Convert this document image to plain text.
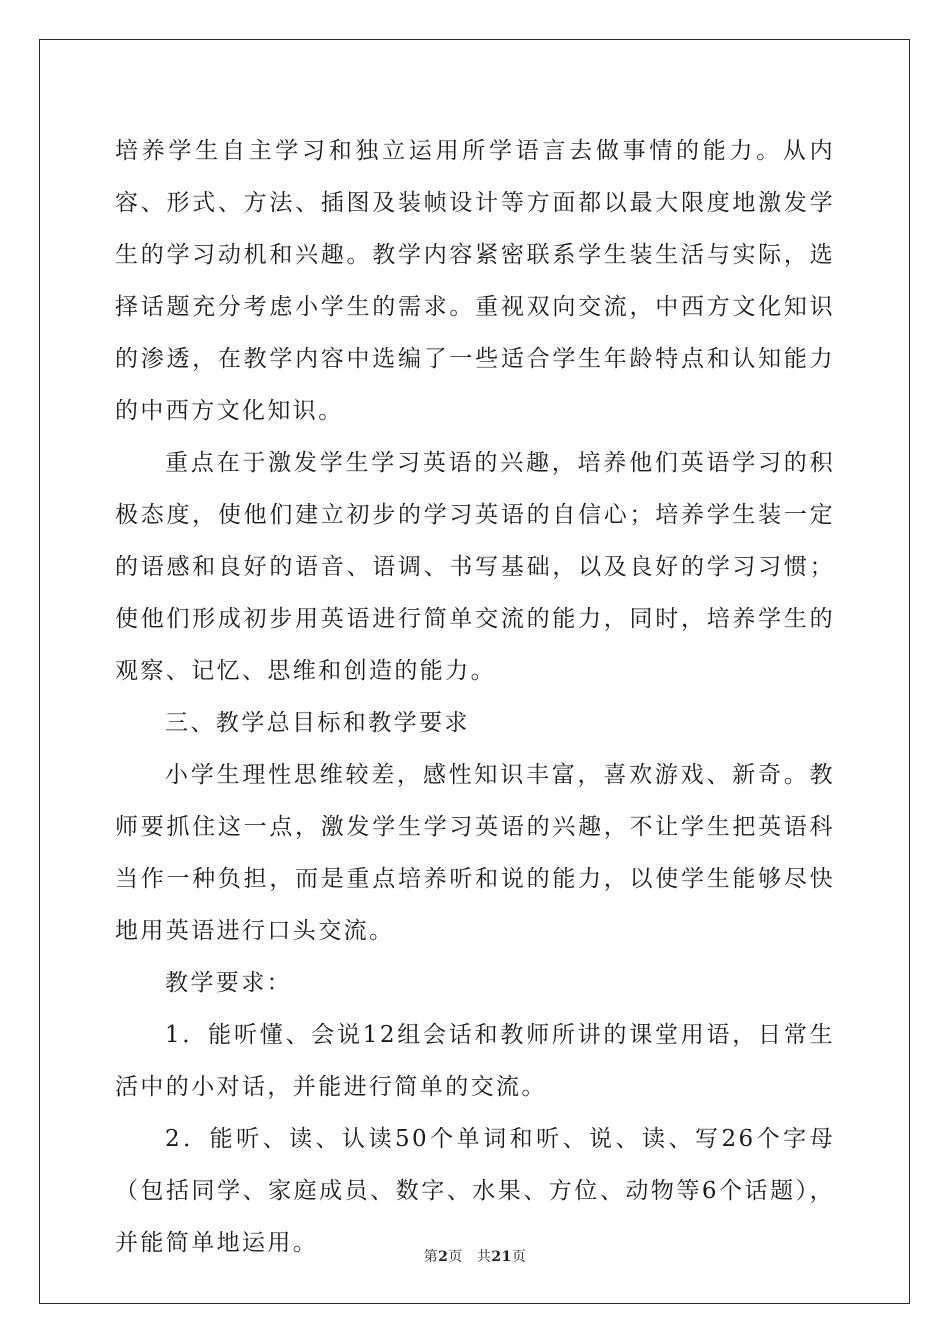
培养学生自主学习和独立运用所学语言去做事情的能力。从内容、形式、方法、插图及装帧设计等方面都以最大限度地激发学生的学习动机和兴趣。教学内容紧密联系学生装生活与实际，选择话题充分考虑小学生的需求。重视双向交流，中西方文化知识的渗透，在教学内容中选编了一些适合学生年龄特点和认知能力的中西方文化知识。

重点在于激发学生学习英语的兴趣，培养他们英语学习的积极态度，使他们建立初步的学习英语的自信心；培养学生装一定的语感和良好的语音、语调、书写基础，以及良好的学习习惯；使他们形成初步用英语进行简单交流的能力，同时，培养学生的观察、记忆、思维和创造的能力。

三、教学总目标和教学要求

小学生理性思维较差，感性知识丰富，喜欢游戏、新奇。教师要抓住这一点，激发学生学习英语的兴趣，不让学生把英语科当作一种负担，而是重点培养听和说的能力，以使学生能够尽快地用英语进行口头交流。

教学要求：

1．能听懂、会说12组会话和教师所讲的课堂用语，日常生活中的小对话，并能进行简单的交流。

2．能听、读、认读50个单词和听、说、读、写26个字母（包括同学、家庭成员、数字、水果、方位、动物等6个话题），并能简单地运用。

第2页 共21页
